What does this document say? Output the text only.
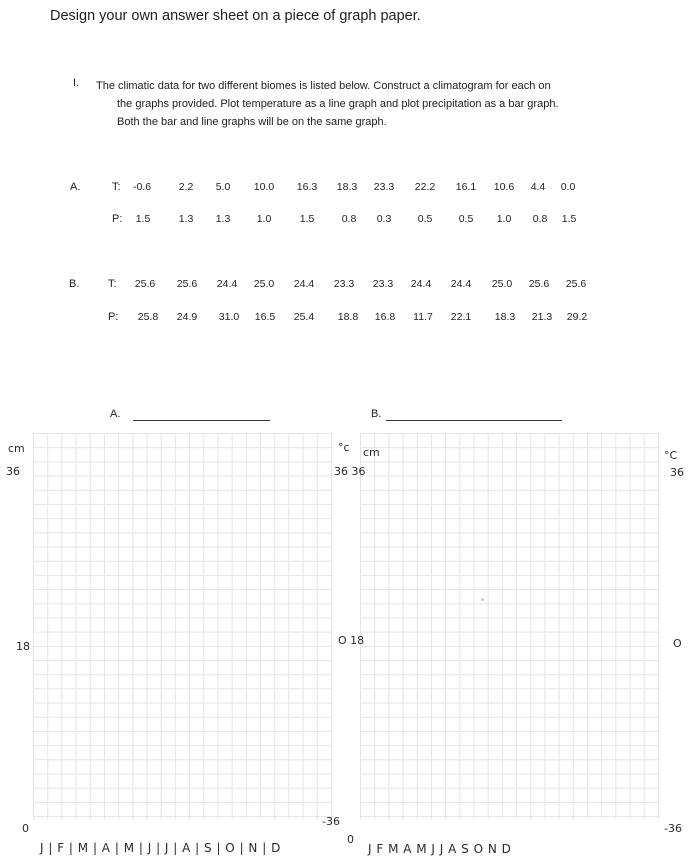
Design your own answer sheet on a piece of graph paper.
I. The climatic data for two different biomes is listed below. Construct a climatogram for each on
the graphs provided. Plot temperature as a line graph and plot precipitation as a bar graph.
Both the bar and line graphs will be on the same graph.
A.	T: -0.6	2.2 5.0 10.0 16.3 18.3 23.3 22.2 16.1 10.6 4.4 0.0
P: 1.5	1.3 1.3	1.0	1.5	0.8 0.3	0.5	0.5 1.0 0.8 1.5
B.	T: 25.6 25.6 24.4 25.0 24.4 23.3 23.3 24.4 24.4 25.0 25.6 25.6
P: 25.8 24.9 31.0 16.5 25.4 18.8 16.8 11.7 22.1 18.3 21.3 29.2
A.	B.
cm
36
18
0
J | F | M | A | M | J | J | A | S | O | N | D
°c cm
36 36
O 18
-36
0
J F M A M J J A S O N D
°C
36
O
-36
